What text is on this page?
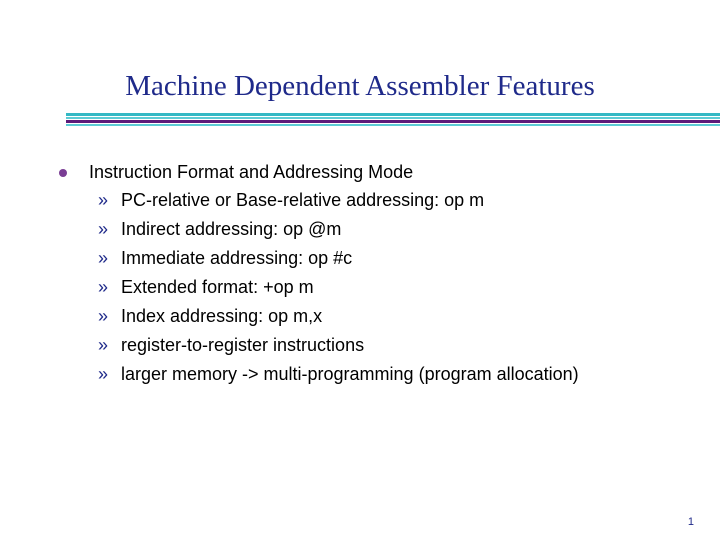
Machine Dependent Assembler Features
Instruction Format and Addressing Mode
» PC-relative or Base-relative addressing: op m
» Indirect addressing: op @m
» Immediate addressing: op #c
» Extended format: +op m
» Index addressing: op m,x
» register-to-register instructions
» larger memory -> multi-programming (program allocation)
1
